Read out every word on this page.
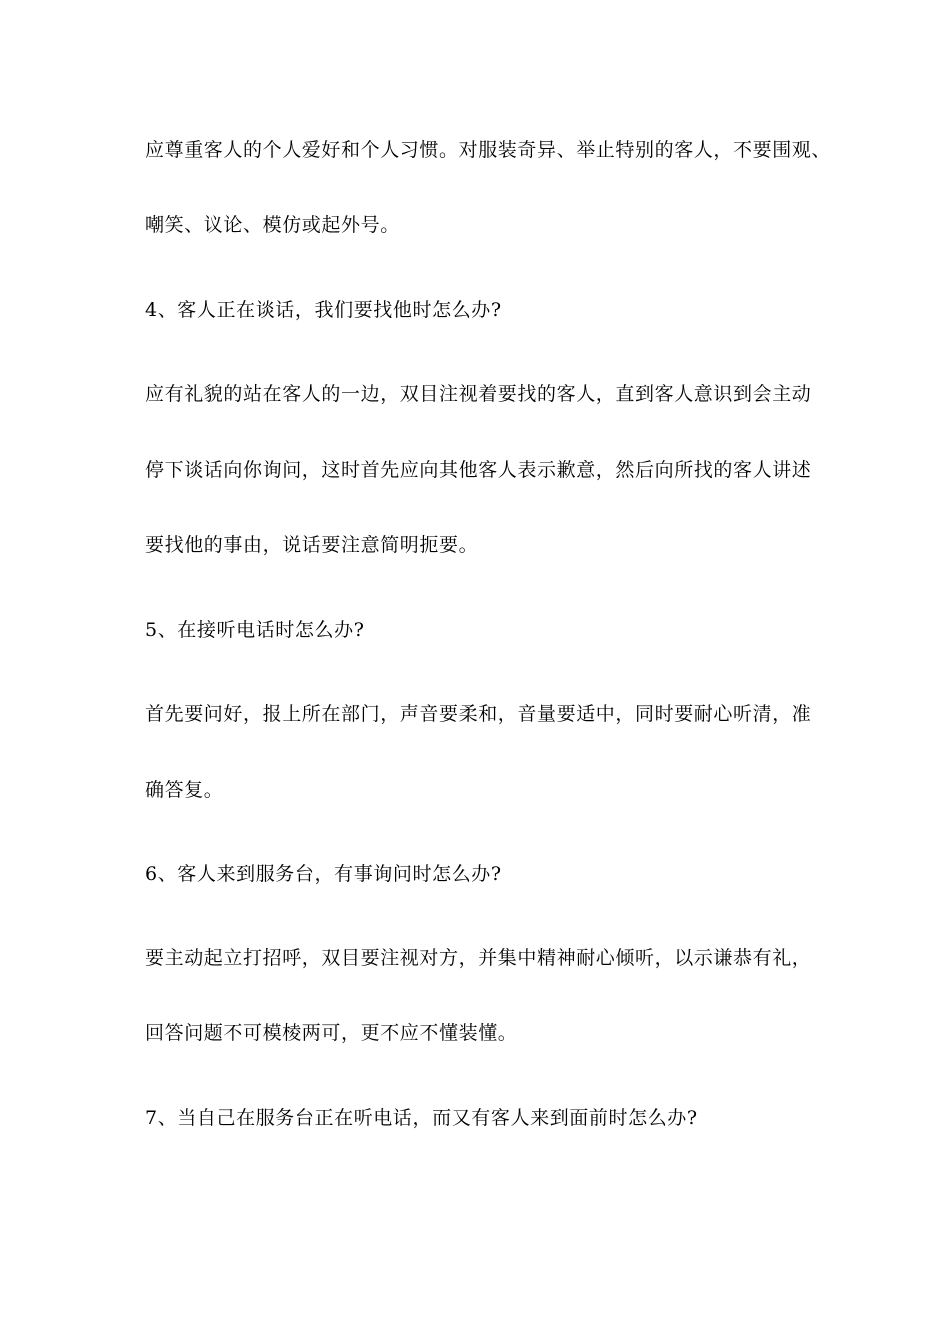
应尊重客人的个人爱好和个人习惯。对服装奇异、举止特别的客人，不要围观、
嘲笑、议论、模仿或起外号。
4、客人正在谈话，我们要找他时怎么办?
应有礼貌的站在客人的一边，双目注视着要找的客人，直到客人意识到会主动
停下谈话向你询问，这时首先应向其他客人表示歉意，然后向所找的客人讲述
要找他的事由，说话要注意简明扼要。
5、在接听电话时怎么办?
首先要问好，报上所在部门，声音要柔和，音量要适中，同时要耐心听清，准
确答复。
6、客人来到服务台，有事询问时怎么办?
要主动起立打招呼，双目要注视对方，并集中精神耐心倾听，以示谦恭有礼，
回答问题不可模棱两可，更不应不懂装懂。
7、当自己在服务台正在听电话，而又有客人来到面前时怎么办?
